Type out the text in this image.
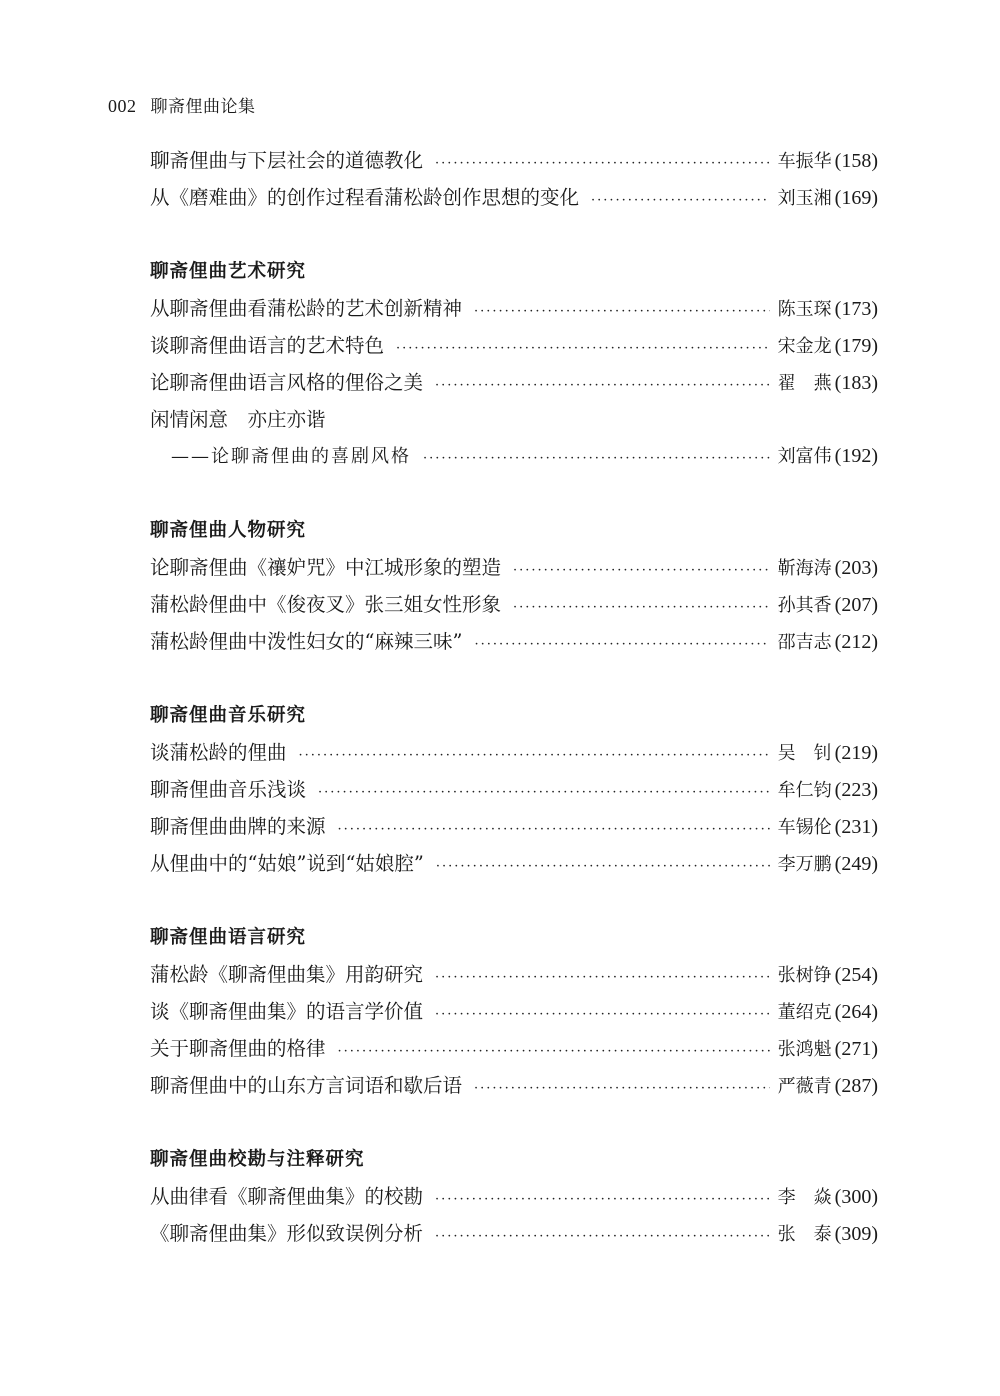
002 聊斋俚曲论集
聊斋俚曲与下层社会的道德教化 ·····	车振华 (158)
从《磨难曲》的创作过程看蒲松龄创作思想的变化 ·····	刘玉湘 (169)
聊斋俚曲艺术研究
从聊斋俚曲看蒲松龄的艺术创新精神 ·····	陈玉琛 (173)
谈聊斋俚曲语言的艺术特色 ·····	宋金龙 (179)
论聊斋俚曲语言风格的俚俗之美 ·····	翟　燕 (183)
闲情闲意　亦庄亦谐
——论聊斋俚曲的喜剧风格 ·····	刘富伟 (192)
聊斋俚曲人物研究
论聊斋俚曲《禳妒咒》中江城形象的塑造 ·····	靳海涛 (203)
蒲松龄俚曲中《俊夜叉》张三姐女性形象 ·····	孙其香 (207)
蒲松龄俚曲中泼性妇女的“麻辣三味” ·····	邵吉志 (212)
聊斋俚曲音乐研究
谈蒲松龄的俚曲 ·····	吴　钊 (219)
聊斋俚曲音乐浅谈 ·····	牟仁钧 (223)
聊斋俚曲曲牌的来源 ·····	车锡伦 (231)
从俚曲中的“姑娘”说到“姑娘腔” ·····	李万鹏 (249)
聊斋俚曲语言研究
蒲松龄《聊斋俚曲集》用韵研究 ·····	张树铮 (254)
谈《聊斋俚曲集》的语言学价值 ·····	董绍克 (264)
关于聊斋俚曲的格律 ·····	张鸿魁 (271)
聊斋俚曲中的山东方言词语和歇后语 ·····	严薇青 (287)
聊斋俚曲校勘与注释研究
从曲律看《聊斋俚曲集》的校勘 ·····	李　焱 (300)
《聊斋俚曲集》形似致误例分析 ·····	张　泰 (309)
